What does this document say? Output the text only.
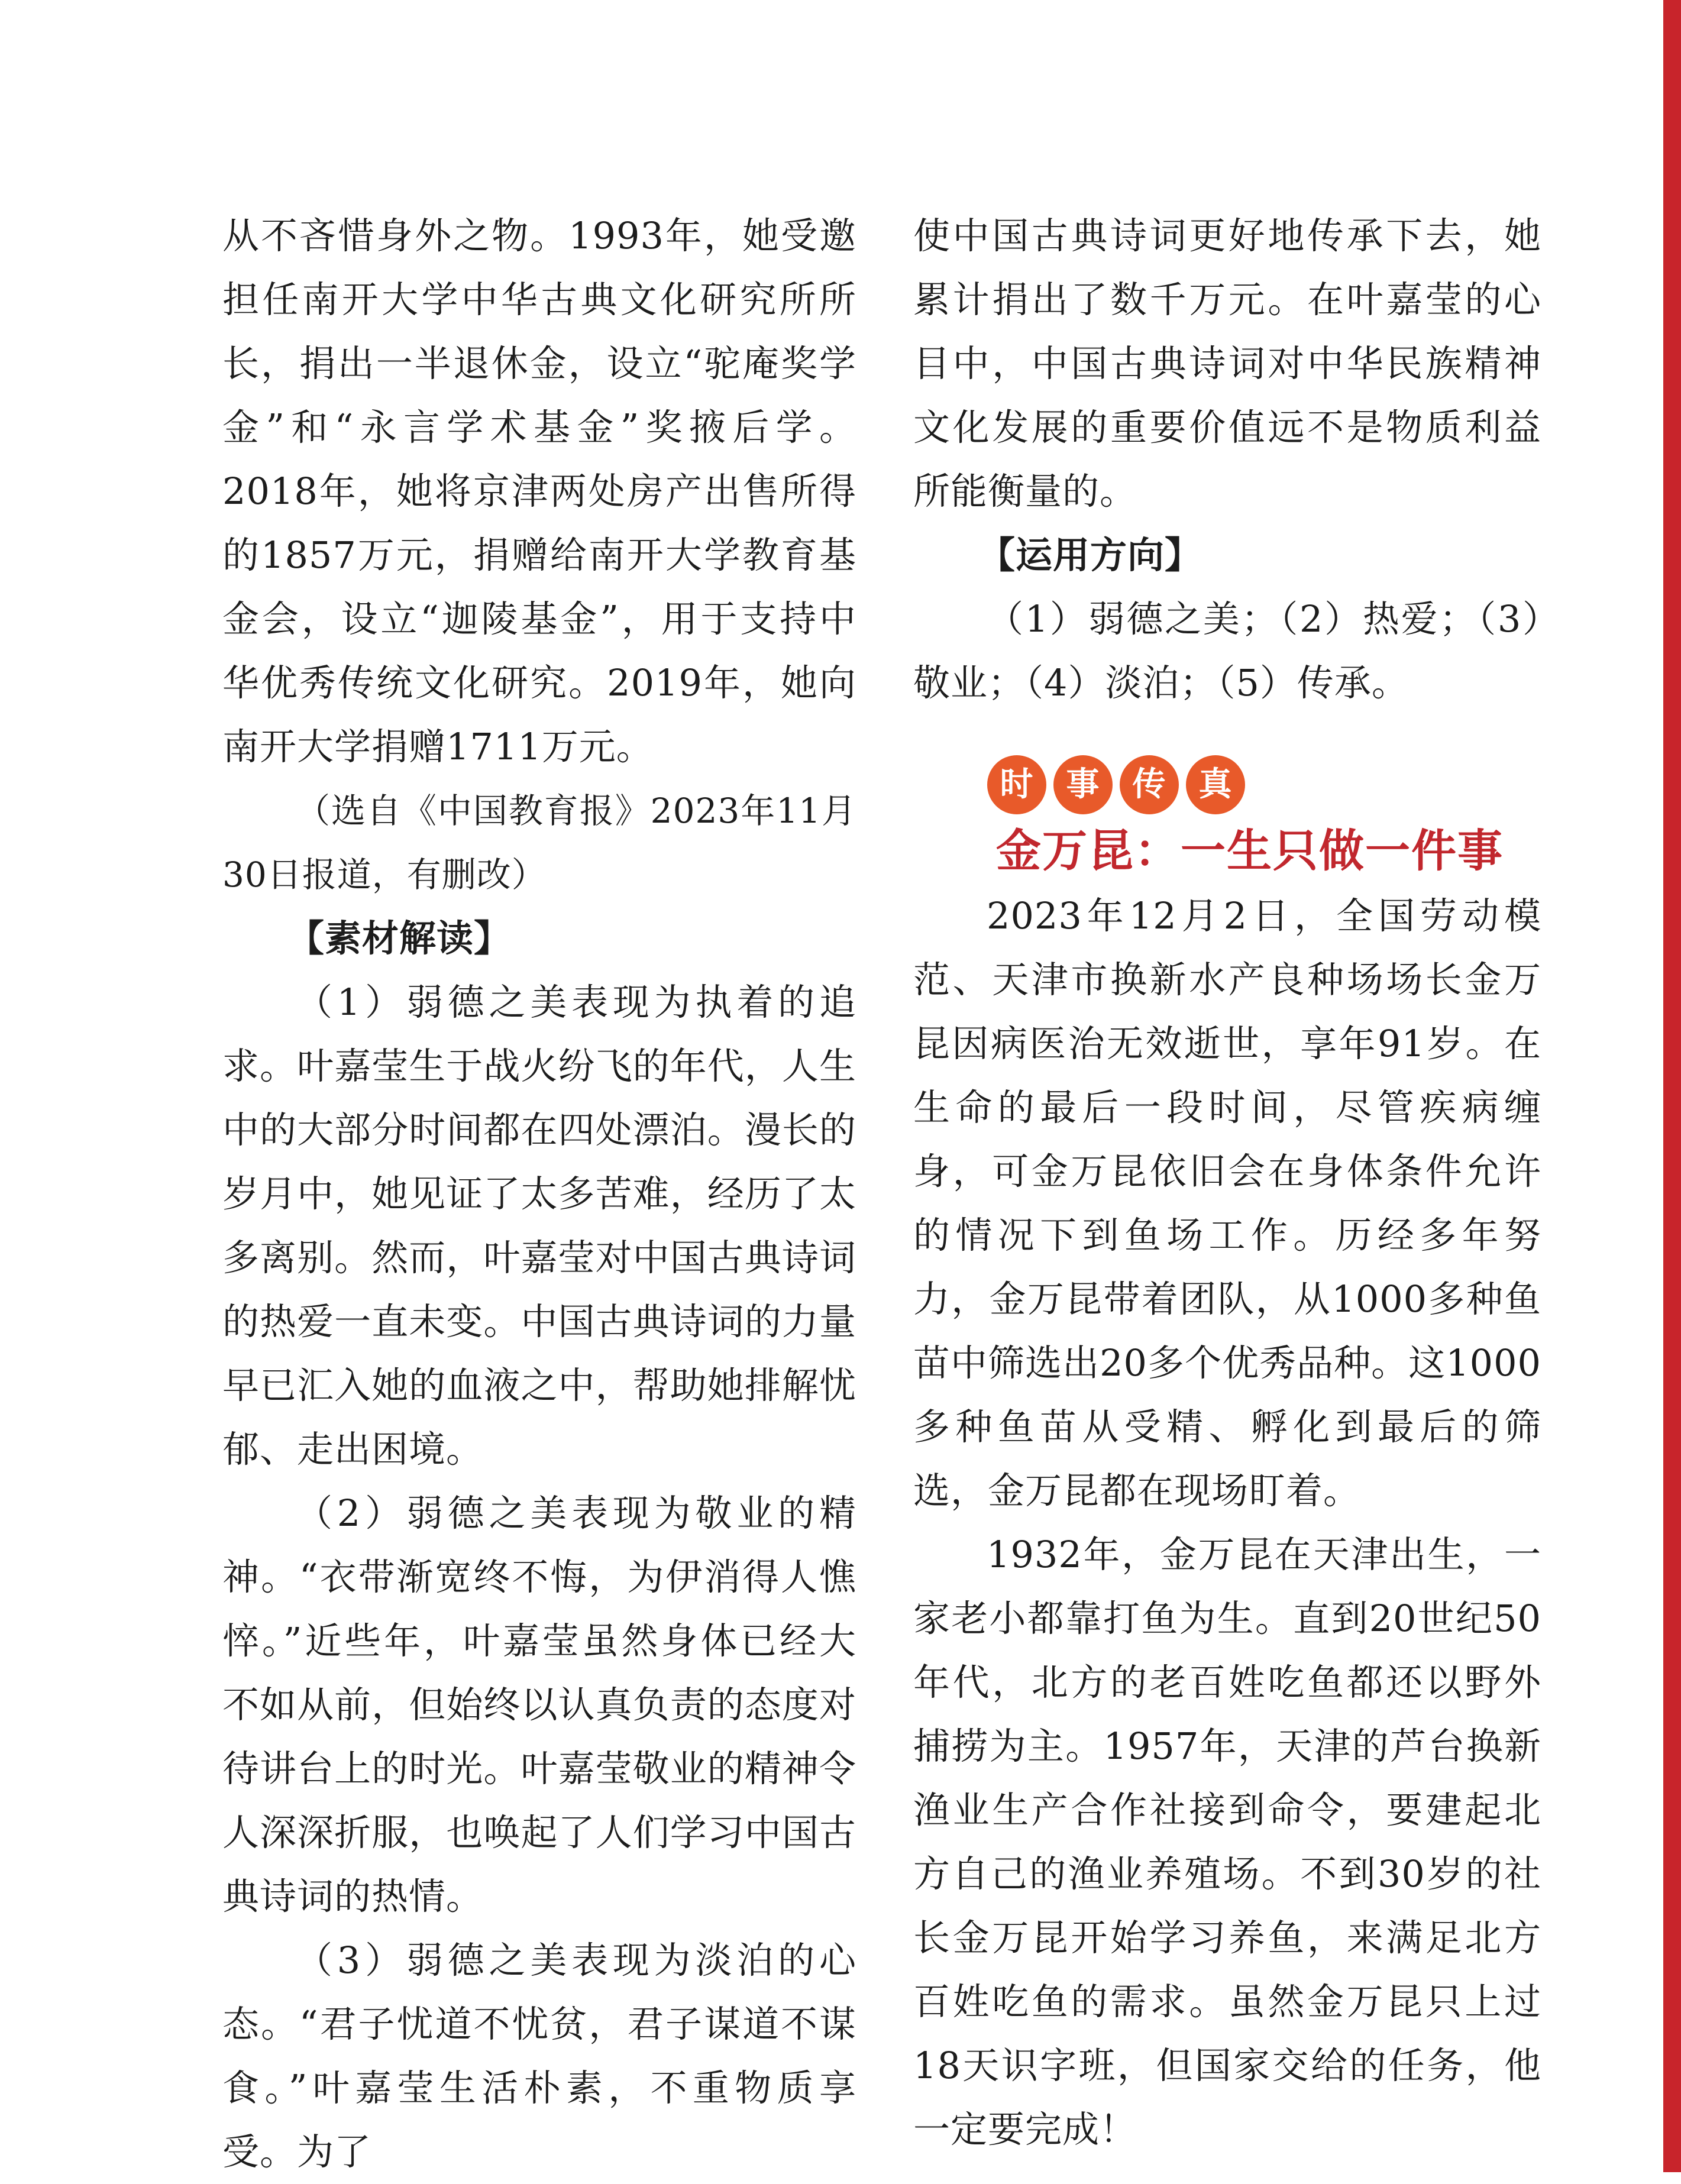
从不吝惜身外之物。1993年，她受邀担任南开大学中华古典文化研究所所长，捐出一半退休金，设立“驼庵奖学金”和“永言学术基金”奖掖后学。2018年，她将京津两处房产出售所得的1857万元，捐赠给南开大学教育基金会，设立“迦陵基金”，用于支持中华优秀传统文化研究。2019年，她向南开大学捐赠1711万元。

（选自《中国教育报》2023年11月30日报道，有删改）

【素材解读】

（1）弱德之美表现为执着的追求。叶嘉莹生于战火纷飞的年代，人生中的大部分时间都在四处漂泊。漫长的岁月中，她见证了太多苦难，经历了太多离别。然而，叶嘉莹对中国古典诗词的热爱一直未变。中国古典诗词的力量早已汇入她的血液之中，帮助她排解忧郁、走出困境。

（2）弱德之美表现为敬业的精神。“衣带渐宽终不悔，为伊消得人憔悴。”近些年，叶嘉莹虽然身体已经大不如从前，但始终以认真负责的态度对待讲台上的时光。叶嘉莹敬业的精神令人深深折服，也唤起了人们学习中国古典诗词的热情。

（3）弱德之美表现为淡泊的心态。“君子忧道不忧贫，君子谋道不谋食。”叶嘉莹生活朴素，不重物质享受。为了

使中国古典诗词更好地传承下去，她累计捐出了数千万元。在叶嘉莹的心目中，中国古典诗词对中华民族精神文化发展的重要价值远不是物质利益所能衡量的。

【运用方向】

（1）弱德之美；（2）热爱；（3）敬业；（4）淡泊；（5）传承。

时 事 传 真

金万昆：一生只做一件事

2023年12月2日，全国劳动模范、天津市换新水产良种场场长金万昆因病医治无效逝世，享年91岁。在生命的最后一段时间，尽管疾病缠身，可金万昆依旧会在身体条件允许的情况下到鱼场工作。历经多年努力，金万昆带着团队，从1000多种鱼苗中筛选出20多个优秀品种。这1000多种鱼苗从受精、孵化到最后的筛选，金万昆都在现场盯着。

1932年，金万昆在天津出生，一家老小都靠打鱼为生。直到20世纪50年代，北方的老百姓吃鱼都还以野外捕捞为主。1957年，天津的芦台换新渔业生产合作社接到命令，要建起北方自己的渔业养殖场。不到30岁的社长金万昆开始学习养鱼，来满足北方百姓吃鱼的需求。虽然金万昆只上过18天识字班，但国家交给的任务，他一定要完成！
